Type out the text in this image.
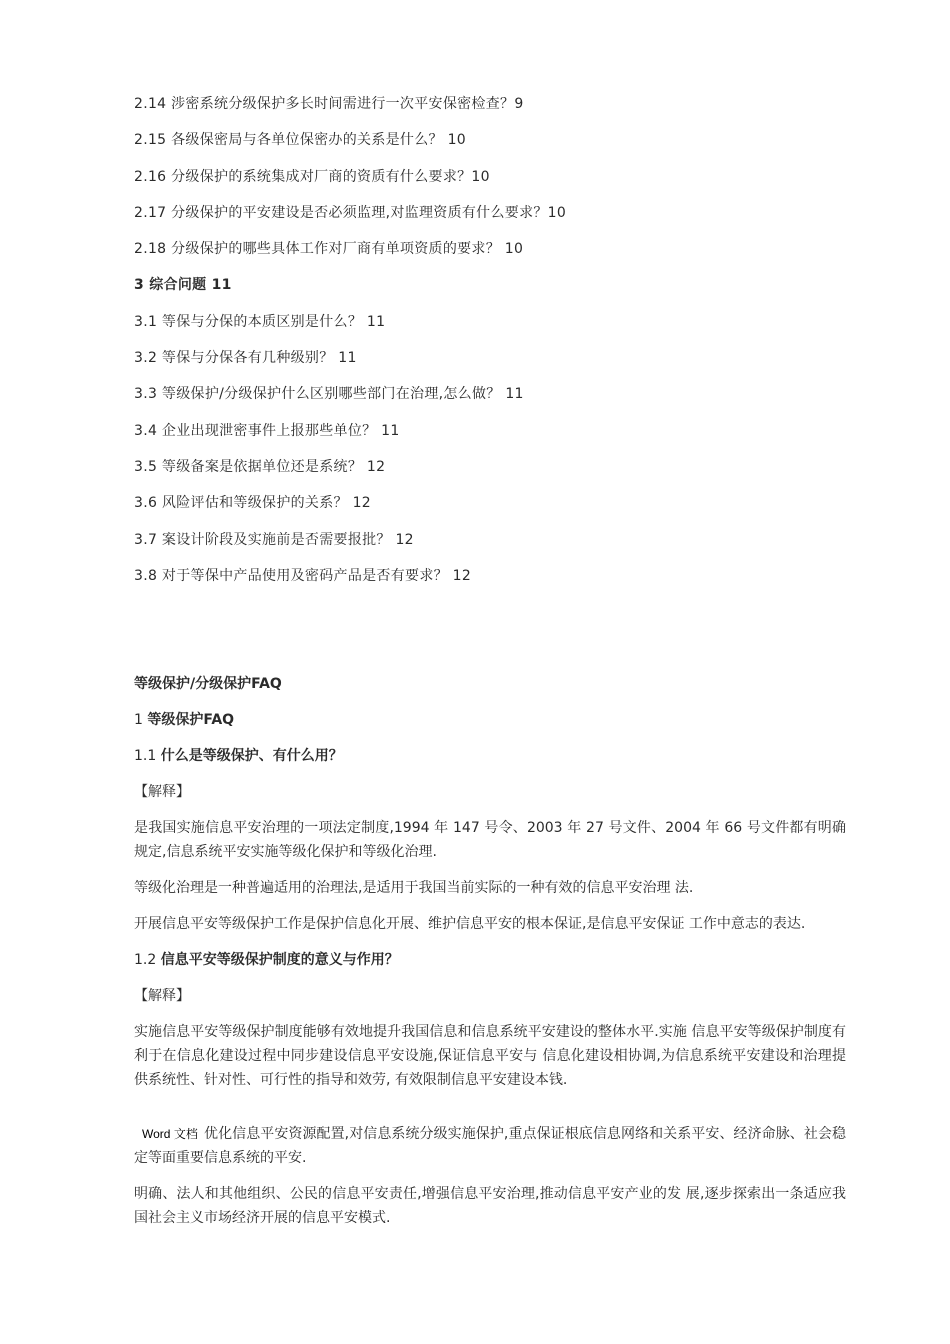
2.14 涉密系统分级保护多长时间需进行一次平安保密检查？9
2.15 各级保密局与各单位保密办的关系是什么？ 10
2.16 分级保护的系统集成对厂商的资质有什么要求？10
2.17 分级保护的平安建设是否必须监理,对监理资质有什么要求？10
2.18 分级保护的哪些具体工作对厂商有单项资质的要求？ 10
3 综合问题 11
3.1 等保与分保的本质区别是什么？ 11
3.2 等保与分保各有几种级别？ 11
3.3 等级保护/分级保护什么区别哪些部门在治理,怎么做？ 11
3.4 企业出现泄密事件上报那些单位？ 11
3.5 等级备案是依据单位还是系统？ 12
3.6 风险评估和等级保护的关系？ 12
3.7 案设计阶段及实施前是否需要报批？ 12
3.8 对于等保中产品使用及密码产品是否有要求？ 12
等级保护/分级保护FAQ
1 等级保护FAQ
1.1 什么是等级保护、有什么用？
【解释】
是我国实施信息平安治理的一项法定制度,1994 年 147 号令、2003 年 27 号文件、2004 年 66 号文件都有明确规定,信息系统平安实施等级化保护和等级化治理.
等级化治理是一种普遍适用的治理法,是适用于我国当前实际的一种有效的信息平安治理 法.
开展信息平安等级保护工作是保护信息化开展、维护信息平安的根本保证,是信息平安保证 工作中意志的表达.
1.2 信息平安等级保护制度的意义与作用？
【解释】
实施信息平安等级保护制度能够有效地提升我国信息和信息系统平安建设的整体水平.实施 信息平安等级保护制度有利于在信息化建设过程中同步建设信息平安设施,保证信息平安与 信息化建设相协调,为信息系统平安建设和治理提供系统性、针对性、可行性的指导和效劳, 有效限制信息平安建设本钱.
Word 文档 优化信息平安资源配置,对信息系统分级实施保护,重点保证根底信息网络和关系平安、经济命脉、社会稳定等面重要信息系统的平安.
明确、法人和其他组织、公民的信息平安责任,增强信息平安治理,推动信息平安产业的发 展,逐步探索出一条适应我国社会主义市场经济开展的信息平安模式.
